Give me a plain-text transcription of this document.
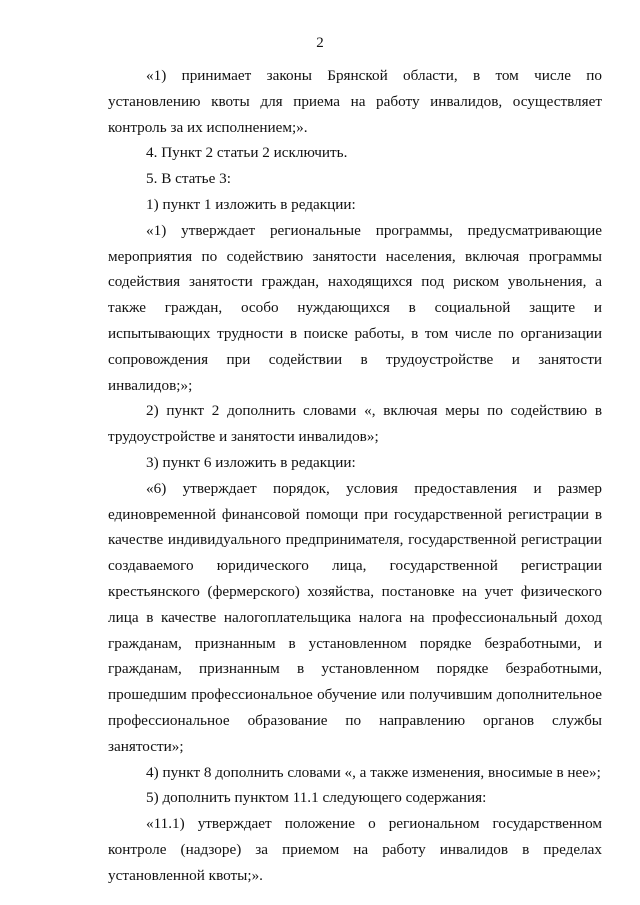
2

«1) принимает законы Брянской области, в том числе по установлению квоты для приема на работу инвалидов, осуществляет контроль за их исполнением;».

4. Пункт 2 статьи 2 исключить.

5. В статье 3:

1) пункт 1 изложить в редакции:

«1) утверждает региональные программы, предусматривающие мероприятия по содействию занятости населения, включая программы содействия занятости граждан, находящихся под риском увольнения, а также граждан, особо нуждающихся в социальной защите и испытывающих трудности в поиске работы, в том числе по организации сопровождения при содействии в трудоустройстве и занятости инвалидов;»;

2) пункт 2 дополнить словами «, включая меры по содействию в трудоустройстве и занятости инвалидов»;

3) пункт 6 изложить в редакции:

«6) утверждает порядок, условия предоставления и размер единовременной финансовой помощи при государственной регистрации в качестве индивидуального предпринимателя, государственной регистрации создаваемого юридического лица, государственной регистрации крестьянского (фермерского) хозяйства, постановке на учет физического лица в качестве налогоплательщика налога на профессиональный доход гражданам, признанным в установленном порядке безработными, и гражданам, признанным в установленном порядке безработными, прошедшим профессиональное обучение или получившим дополнительное профессиональное образование по направлению органов службы занятости»;

4) пункт 8 дополнить словами «, а также изменения, вносимые в нее»;

5) дополнить пунктом 11.1 следующего содержания:

«11.1) утверждает положение о региональном государственном контроле (надзоре) за приемом на работу инвалидов в пределах установленной квоты;».
